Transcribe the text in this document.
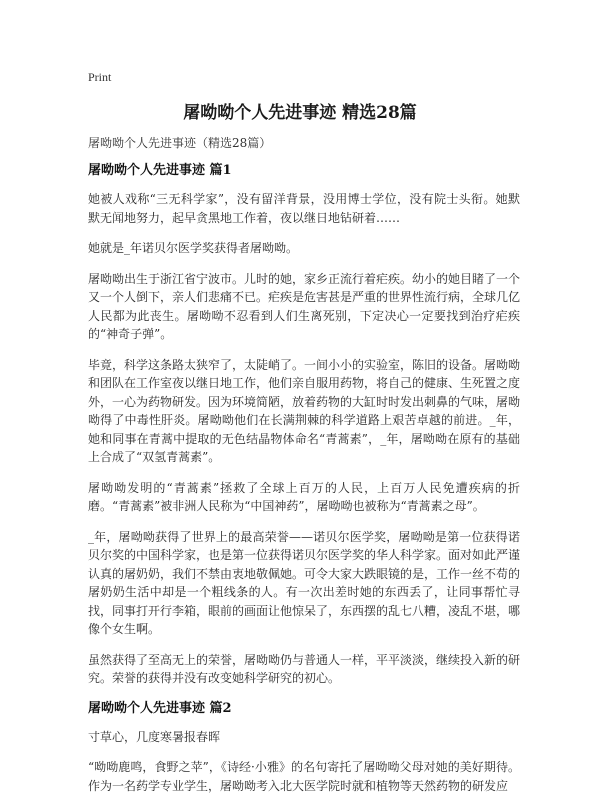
Print
屠呦呦个人先进事迹 精选28篇
屠呦呦个人先进事迹（精选28篇）
屠呦呦个人先进事迹 篇1

她被人戏称“三无科学家”，没有留洋背景，没用博士学位，没有院士头衔。她默默无闻地努力，起早贪黑地工作着，夜以继日地钻研着……

她就是_年诺贝尔医学奖获得者屠呦呦。

屠呦呦出生于浙江省宁波市。儿时的她，家乡正流行着疟疾。幼小的她目睹了一个又一个人倒下，亲人们悲痛不已。疟疾是危害甚是严重的世界性流行病，全球几亿人民都为此丧生。屠呦呦不忍看到人们生离死别，下定决心一定要找到治疗疟疾的“神奇子弹”。

毕竟，科学这条路太狭窄了，太陡峭了。一间小小的实验室，陈旧的设备。屠呦呦和团队在工作室夜以继日地工作，他们亲自服用药物，将自己的健康、生死置之度外，一心为药物研发。因为环境简陋，放着药物的大缸时时发出刺鼻的气味，屠呦呦得了中毒性肝炎。屠呦呦他们在长满荆棘的科学道路上艰苦卓越的前进。_年，她和同事在青蒿中提取的无色结晶物体命名“青蒿素”，_年，屠呦呦在原有的基础上合成了“双氢青蒿素”。

屠呦呦发明的“青蒿素”拯救了全球上百万的人民，上百万人民免遭疾病的折磨。“青蒿素”被非洲人民称为“中国神药”，屠呦呦也被称为“青蒿素之母”。

_年，屠呦呦获得了世界上的最高荣誉——诺贝尔医学奖，屠呦呦是第一位获得诺贝尔奖的中国科学家，也是第一位获得诺贝尔医学奖的华人科学家。面对如此严谨认真的屠奶奶，我们不禁由衷地敬佩她。可令大家大跌眼镜的是，工作一丝不苟的屠奶奶生活中却是一个粗线条的人。有一次出差时她的东西丢了，让同事帮忙寻找，同事打开行李箱，眼前的画面让他惊呆了，东西摆的乱七八糟，凌乱不堪，哪像个女生啊。

虽然获得了至高无上的荣誉，屠呦呦仍与普通人一样，平平淡淡，继续投入新的研究。荣誉的获得并没有改变她科学研究的初心。

屠呦呦个人先进事迹 篇2

寸草心，几度寒暑报春晖

“呦呦鹿鸣，食野之苹”，《诗经·小雅》的名句寄托了屠呦呦父母对她的美好期待。作为一名药学专业学生，屠呦呦考入北大医学院时就和植物等天然药物的研发应
